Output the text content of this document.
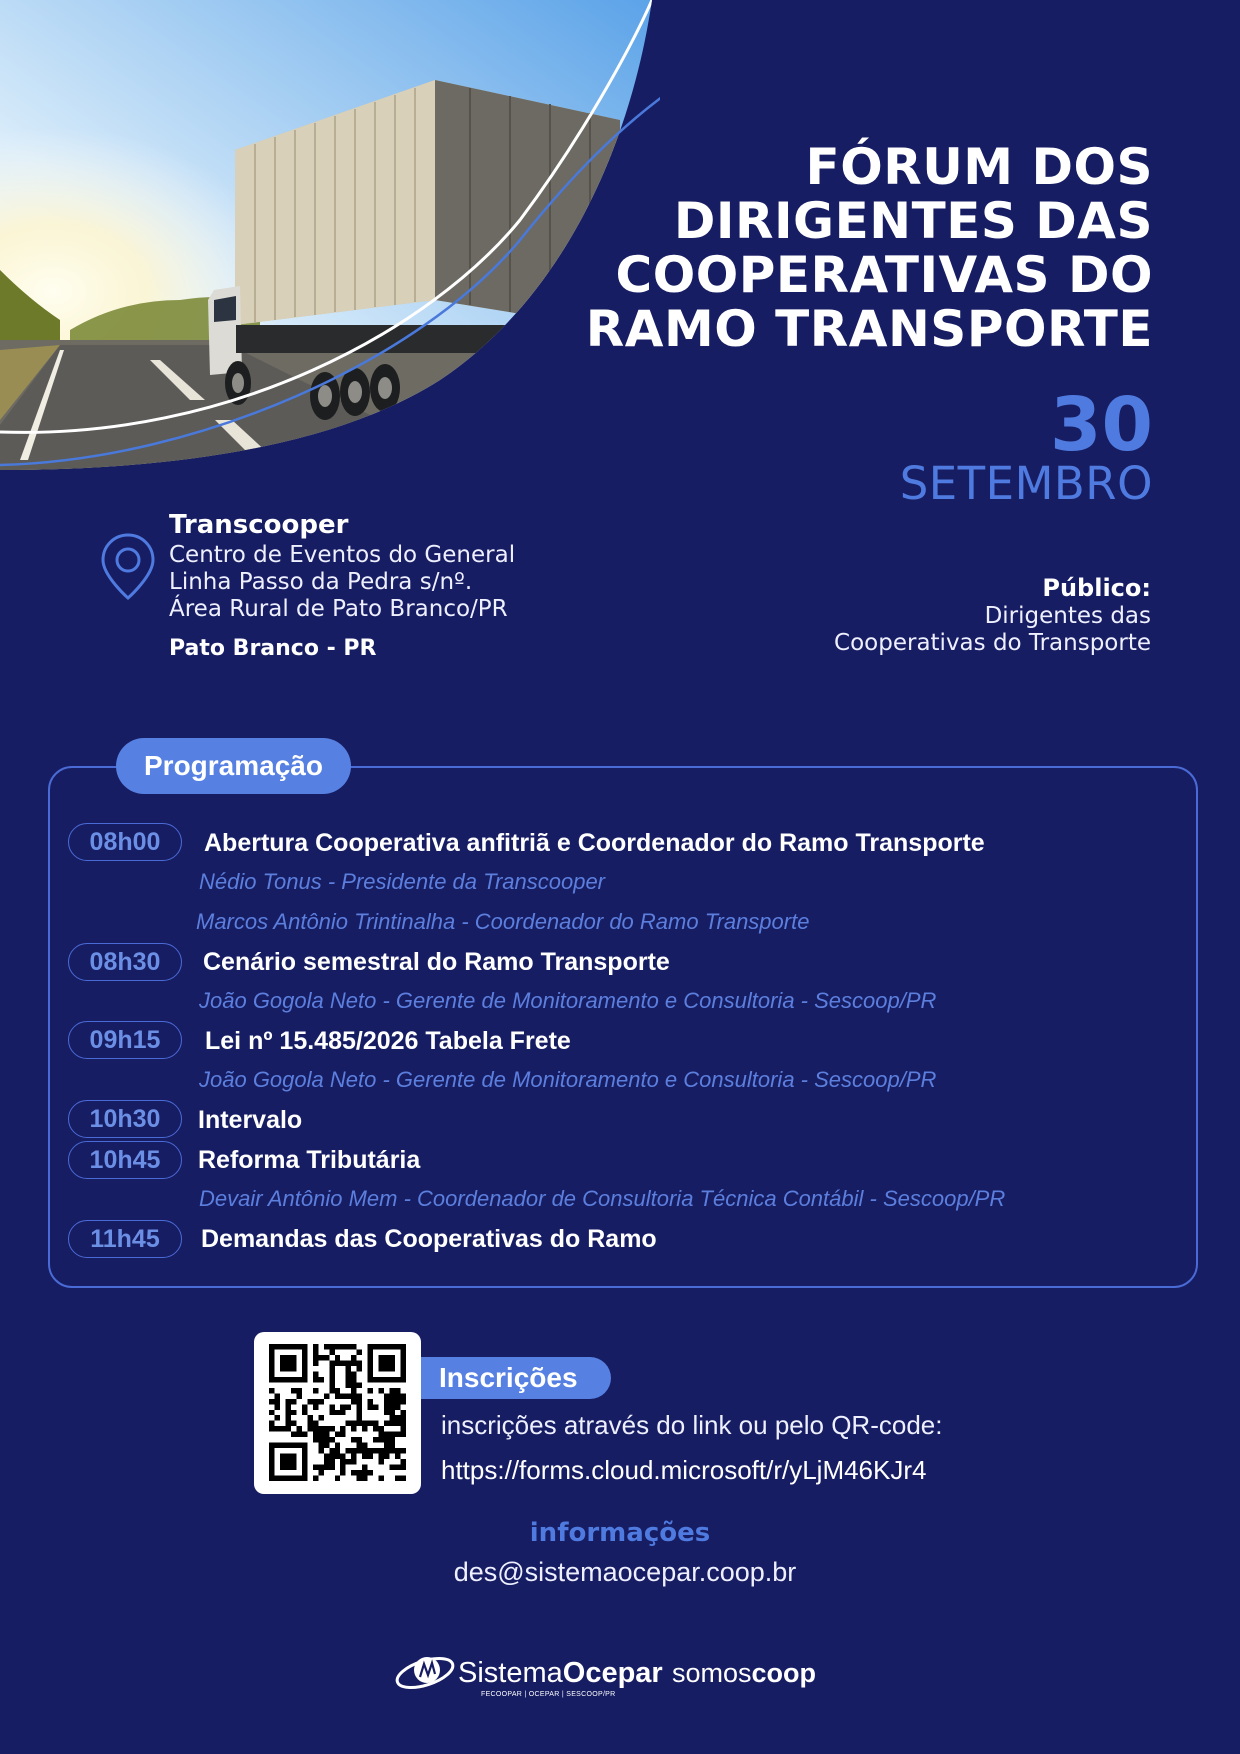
FÓRUM DOS
DIRIGENTES DAS
COOPERATIVAS DO
RAMO TRANSPORTE
30
SETEMBRO
Transcooper
Centro de Eventos do General
Linha Passo da Pedra s/nº.
Área Rural de Pato Branco/PR
Pato Branco - PR
Público:
Dirigentes das
Cooperativas do Transporte
Programação
08h00	Abertura Cooperativa anfitriã e Coordenador do Ramo Transporte
Nédio Tonus - Presidente da Transcooper
Marcos Antônio Trintinalha - Coordenador do Ramo Transporte
08h30	Cenário semestral do Ramo Transporte
João Gogola Neto - Gerente de Monitoramento e Consultoria - Sescoop/PR
09h15	Lei nº 15.485/2026 Tabela Frete
João Gogola Neto - Gerente de Monitoramento e Consultoria - Sescoop/PR
10h30	Intervalo
10h45	Reforma Tributária
Devair Antônio Mem - Coordenador de Consultoria Técnica Contábil - Sescoop/PR
11h45	Demandas das Cooperativas do Ramo
Inscrições
inscrições através do link ou pelo QR-code:
https://forms.cloud.microsoft/r/yLjM46KJr4
informações
des@sistemaocepar.coop.br
SistemaOcepar
FECOOPAR | OCEPAR | SESCOOP/PR
somoscoop
